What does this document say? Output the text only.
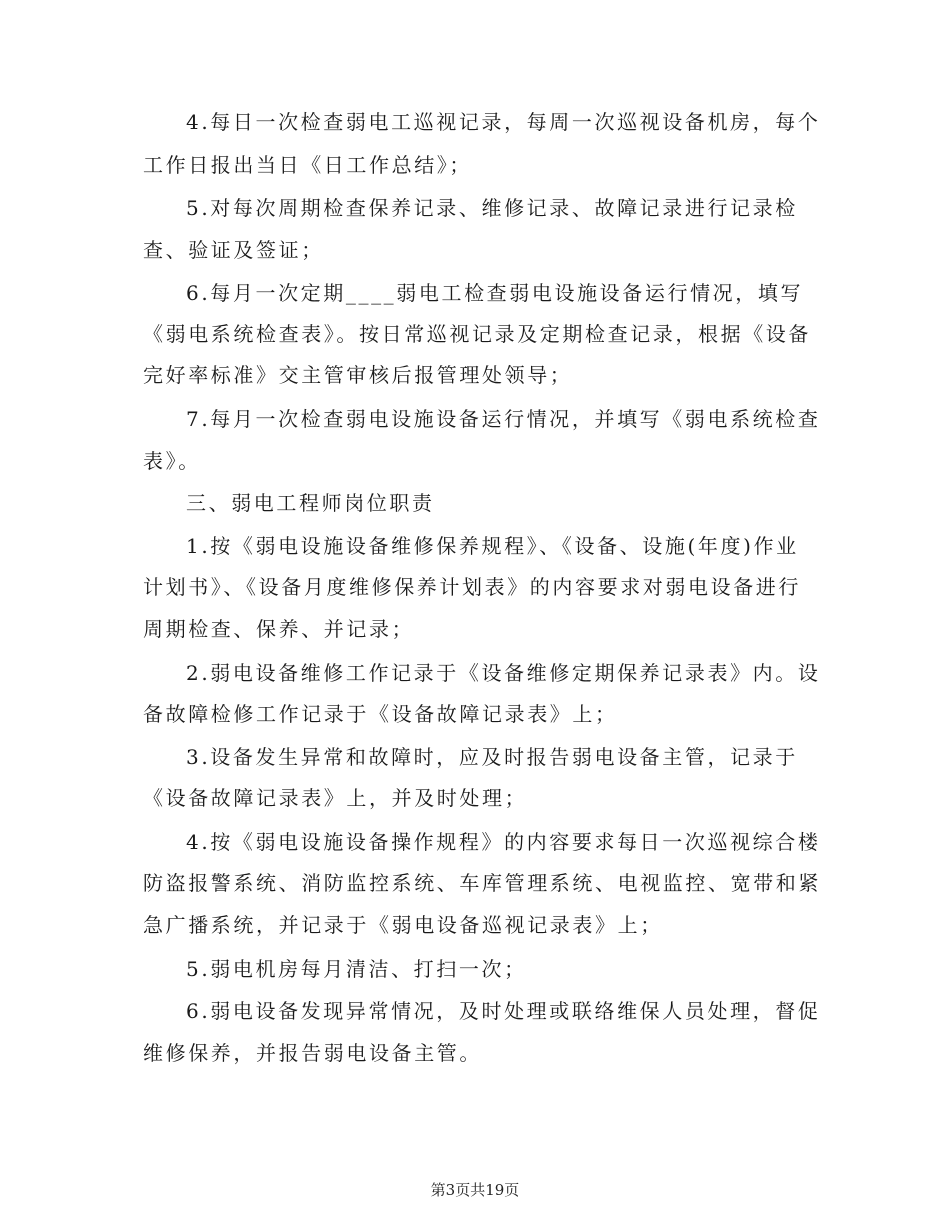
4.每日一次检查弱电工巡视记录，每周一次巡视设备机房，每个
工作日报出当日《日工作总结》；
5.对每次周期检查保养记录、维修记录、故障记录进行记录检
查、验证及签证；
6.每月一次定期____弱电工检查弱电设施设备运行情况，填写
《弱电系统检查表》。按日常巡视记录及定期检查记录，根据《设备
完好率标准》交主管审核后报管理处领导；
7.每月一次检查弱电设施设备运行情况，并填写《弱电系统检查
表》。
三、弱电工程师岗位职责
1.按《弱电设施设备维修保养规程》、《设备、设施(年度)作业
计划书》、《设备月度维修保养计划表》的内容要求对弱电设备进行
周期检查、保养、并记录；
2.弱电设备维修工作记录于《设备维修定期保养记录表》内。设
备故障检修工作记录于《设备故障记录表》上；
3.设备发生异常和故障时，应及时报告弱电设备主管，记录于
《设备故障记录表》上，并及时处理；
4.按《弱电设施设备操作规程》的内容要求每日一次巡视综合楼
防盗报警系统、消防监控系统、车库管理系统、电视监控、宽带和紧
急广播系统，并记录于《弱电设备巡视记录表》上；
5.弱电机房每月清洁、打扫一次；
6.弱电设备发现异常情况，及时处理或联络维保人员处理，督促
维修保养，并报告弱电设备主管。
第3页共19页
